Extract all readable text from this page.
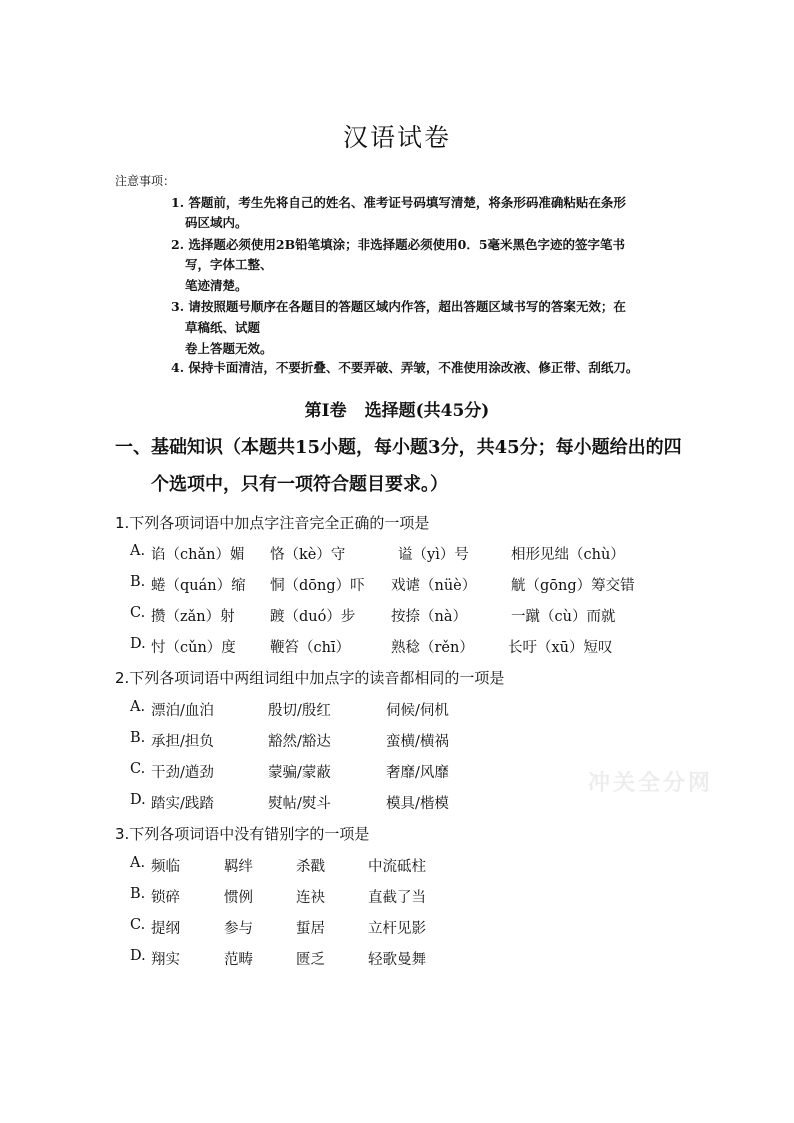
汉语试卷
注意事项：
1. 答题前，考生先将自己的姓名、准考证号码填写清楚，将条形码准确粘贴在条形
码区域内。
2. 选择题必须使用2B铅笔填涂；非选择题必须使用0．5毫米黑色字迹的签字笔书
写，字体工整、
笔迹清楚。
3. 请按照题号顺序在各题目的答题区域内作答，超出答题区域书写的答案无效；在
草稿纸、试题
卷上答题无效。
4. 保持卡面清洁，不要折叠、不要弄破、弄皱，不准使用涂改液、修正带、刮纸刀。
第Ⅰ卷 选择题(共45分)
一、基础知识（本题共15小题，每小题3分，共45分；每小题给出的四
个选项中，只有一项符合题目要求。）
1.下列各项词语中加点字注音完全正确的一项是
A. 谄（chǎn）媚 恪（kè）守	谥（yì）号	相形见绌（chù）
B. 蜷（quán）缩 恫（dōng）吓 戏谑（nüè） 觥（gōng）筹交错
C. 攒（zǎn）射 踱（duó）步 按捺（nà）	一蹴（cù）而就
D. 忖（cǔn）度 鞭笞（chī）	熟稔（rěn） 长吁（xū）短叹
2.下列各项词语中两组词组中加点字的读音都相同的一项是
A. 漂泊/血泊	殷切/殷红	伺候/伺机
B. 承担/担负	豁然/豁达	蛮横/横祸
C. 干劲/遒劲	蒙骗/蒙蔽	奢靡/风靡
D. 踏实/践踏	熨帖/熨斗	模具/楷模
3.下列各项词语中没有错别字的一项是
A. 频临	羁绊	杀戳	中流砥柱
B. 锁碎	惯例	连袂	直截了当
C. 提纲	参与	蜇居	立杆见影
D. 翔实	范畴	匮乏	轻歌曼舞
冲关全分网
